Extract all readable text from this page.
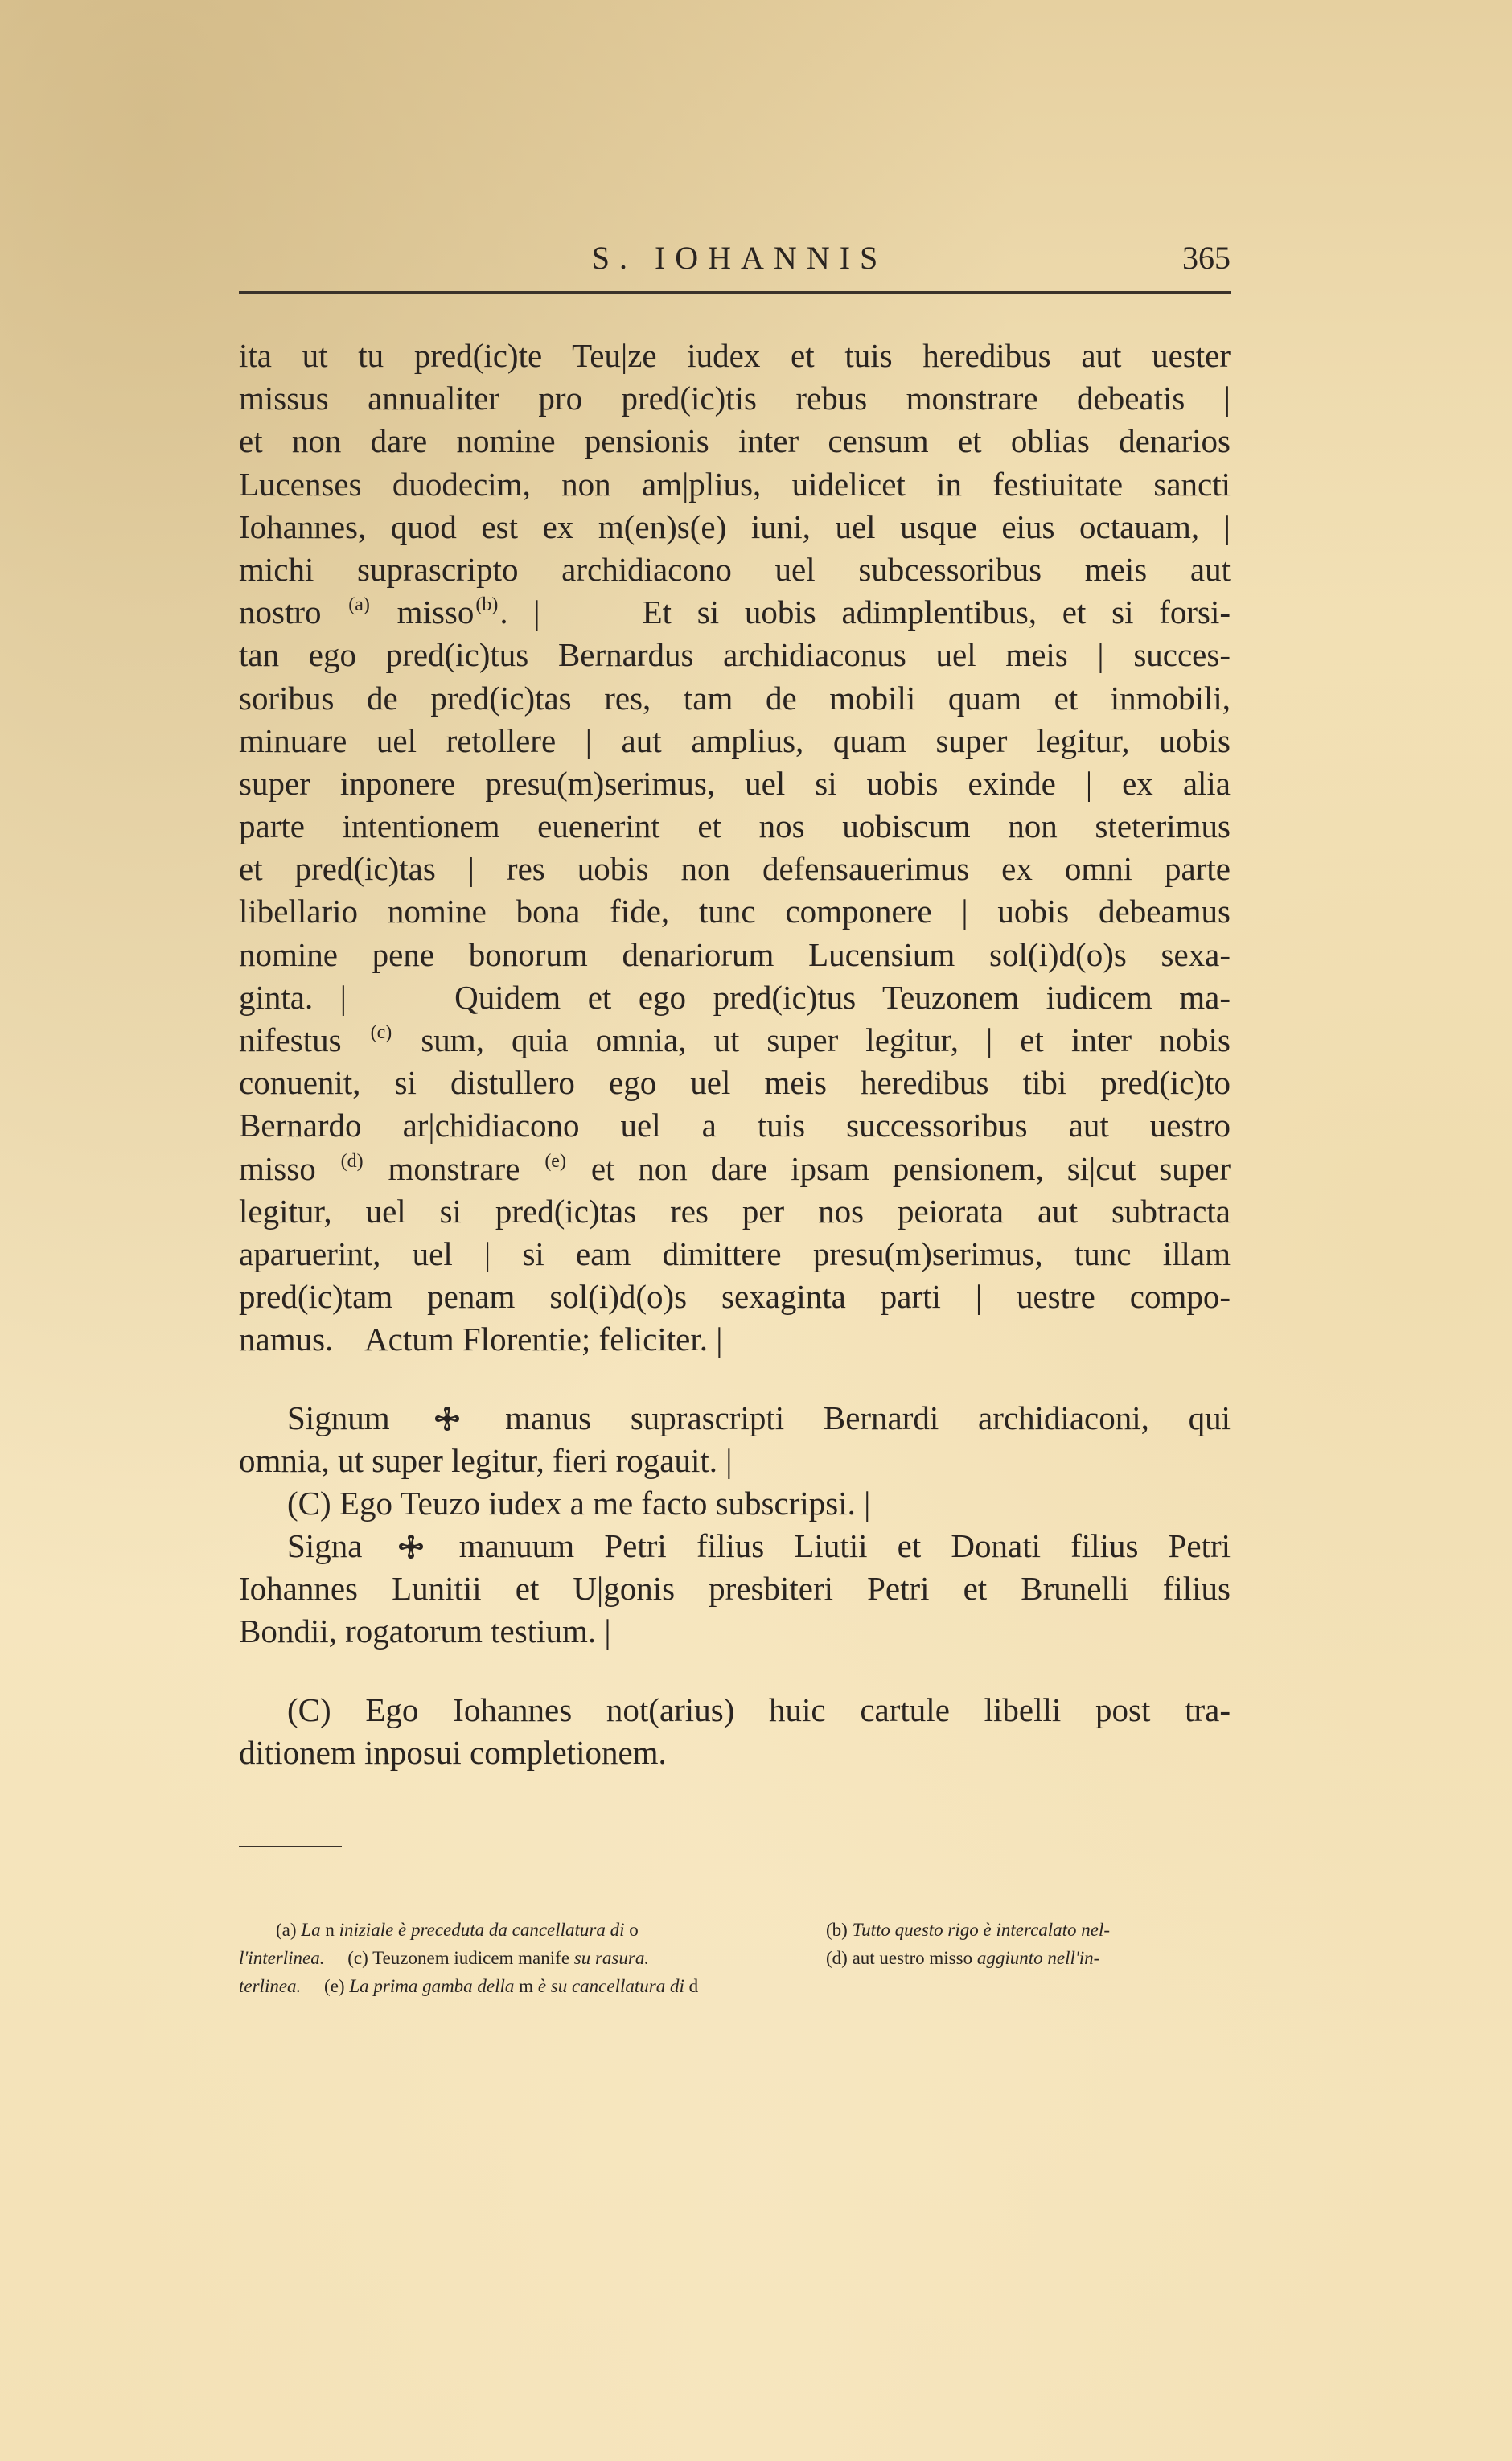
S. IOHANNIS	365
ita ut tu pred(ic)te Teu|ze iudex et tuis heredibus aut uester
missus annualiter pro pred(ic)tis rebus monstrare debeatis |
et non dare nomine pensionis inter censum et oblias denarios
Lucenses duodecim, non am|plius, uidelicet in festiuitate sancti
Iohannes, quod est ex m(en)s(e) iuni, uel usque eius octauam, |
michi suprascripto archidiacono uel subcessoribus meis aut
nostro $^{(a)}$ misso$^{(b)}$. |    Et si uobis adimplentibus, et si forsi-
tan ego pred(ic)tus Bernardus archidiaconus uel meis | succes-
soribus de pred(ic)tas res, tam de mobili quam et inmobili,
minuare uel retollere | aut amplius, quam super legitur, uobis
super inponere presu(m)serimus, uel si uobis exinde | ex alia
parte intentionem euenerint et nos uobiscum non steterimus
et pred(ic)tas | res uobis non defensauerimus ex omni parte
libellario nomine bona fide, tunc componere | uobis debeamus
nomine pene bonorum denariorum Lucensium sol(i)d(o)s sexa-
ginta. |    Quidem et ego pred(ic)tus Teuzonem iudicem ma-
nifestus $^{(c)}$ sum, quia omnia, ut super legitur, | et inter nobis
conuenit, si distullero ego uel meis heredibus tibi pred(ic)to
Bernardo ar|chidiacono uel a tuis successoribus aut uestro
misso $^{(d)}$ monstrare $^{(e)}$ et non dare ipsam pensionem, si|cut super
legitur, uel si pred(ic)tas res per nos peiorata aut subtracta
aparuerint, uel | si eam dimittere presu(m)serimus, tunc illam
pred(ic)tam penam sol(i)d(o)s sexaginta parti | uestre compo-
namus.    Actum Florentie; feliciter. |
Signum	manus suprascripti Bernardi archidiaconi, qui
omnia, ut super legitur, fieri rogauit. |
(C) Ego Teuzo iudex a me facto subscripsi. |
Signa	manuum Petri filius Liutii et Donati filius Petri
Iohannes Lunitii et U|gonis presbiteri Petri et Brunelli filius
Bondii, rogatorum testium. |
(C) Ego Iohannes not(arius) huic cartule libelli post tra-
ditionem inposui completionem.
(a) La n iniziale è preceduta da cancellatura di o	(b) Tutto questo rigo è intercalato nel-
l'interlinea. (c) Teuzonem iudicem manife su rasura.	(d) aut uestro misso aggiunto nell'in-
terlinea. (e) La prima gamba della m è su cancellatura di d
